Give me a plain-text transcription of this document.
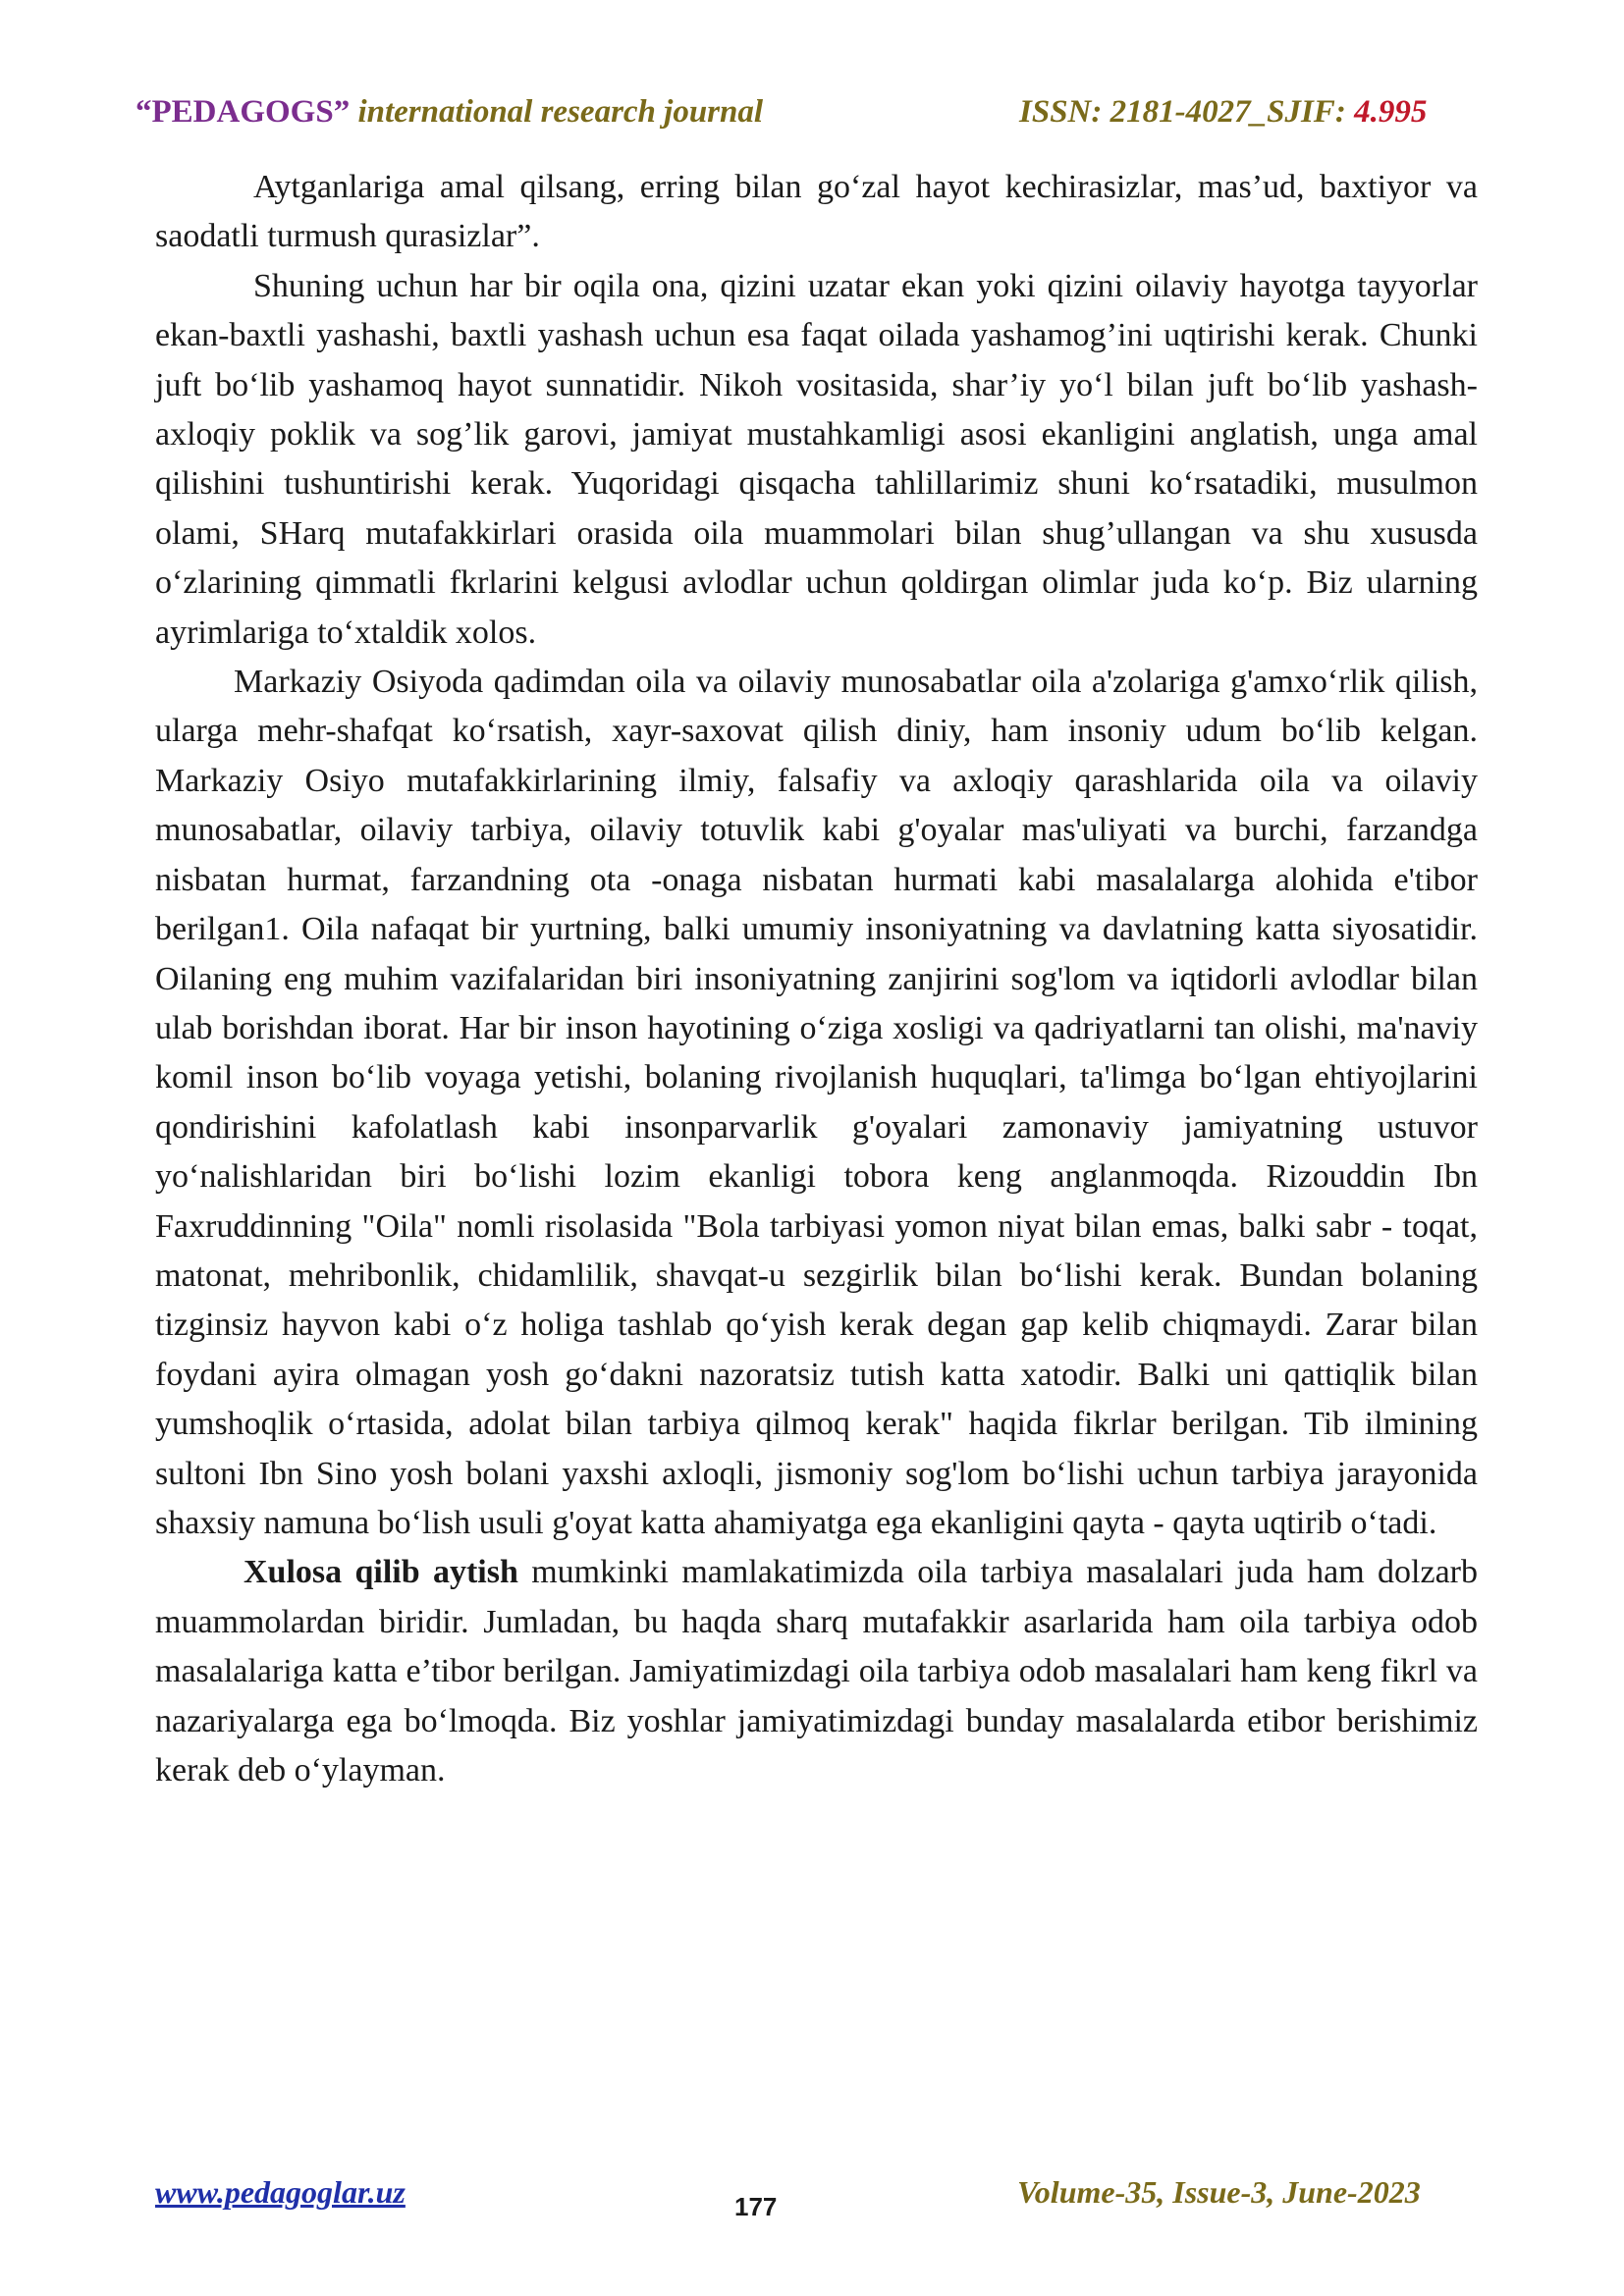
“PEDAGOGS” international research journal	ISSN: 2181-4027_SJIF: 4.995

Aytganlariga amal qilsang, erring bilan go‘zal hayot kechirasizlar, mas’ud, baxtiyor va saodatli turmush qurasizlar”.

Shuning uchun har bir oqila ona, qizini uzatar ekan yoki qizini oilaviy hayotga tayyorlar ekan-baxtli yashashi, baxtli yashash uchun esa faqat oilada yashamog’ini uqtirishi kerak. Chunki juft bo‘lib yashamoq hayot sunnatidir. Nikoh vositasida, shar’iy yo‘l bilan juft bo‘lib yashash- axloqiy poklik va sog’lik garovi, jamiyat mustahkamligi asosi ekanligini anglatish, unga amal qilishini tushuntirishi kerak. Yuqoridagi qisqacha tahlillarimiz shuni ko‘rsatadiki, musulmon olami, SHarq mutafakkirlari orasida oila muammolari bilan shug’ullangan va shu xususda o‘zlarining qimmatli fkrlarini kelgusi avlodlar uchun qoldirgan olimlar juda ko‘p. Biz ularning ayrimlariga to‘xtaldik xolos.

Markaziy Osiyoda qadimdan oila va oilaviy munosabatlar oila a'zolariga g'amxo‘rlik qilish, ularga mehr-shafqat ko‘rsatish, xayr-saxovat qilish diniy, ham insoniy udum bo‘lib kelgan. Markaziy Osiyo mutafakkirlarining ilmiy, falsafiy va axloqiy qarashlarida oila va oilaviy munosabatlar, oilaviy tarbiya, oilaviy totuvlik kabi g'oyalar mas'uliyati va burchi, farzandga nisbatan hurmat, farzandning ota -onaga nisbatan hurmati kabi masalalarga alohida e'tibor berilgan1. Oila nafaqat bir yurtning, balki umumiy insoniyatning va davlatning katta siyosatidir. Oilaning eng muhim vazifalaridan biri insoniyatning zanjirini sog'lom va iqtidorli avlodlar bilan ulab borishdan iborat. Har bir inson hayotining o‘ziga xosligi va qadriyatlarni tan olishi, ma'naviy komil inson bo‘lib voyaga yetishi, bolaning rivojlanish huquqlari, ta'limga bo‘lgan ehtiyojlarini qondirishini kafolatlash kabi insonparvarlik g'oyalari zamonaviy jamiyatning ustuvor yo‘nalishlaridan biri bo‘lishi lozim ekanligi tobora keng anglanmoqda. Rizouddin Ibn Faxruddinning "Oila" nomli risolasida "Bola tarbiyasi yomon niyat bilan emas, balki sabr - toqat, matonat, mehribonlik, chidamlilik, shavqat-u sezgirlik bilan bo‘lishi kerak. Bundan bolaning tizginsiz hayvon kabi o‘z holiga tashlab qo‘yish kerak degan gap kelib chiqmaydi. Zarar bilan foydani ayira olmagan yosh go‘dakni nazoratsiz tutish katta xatodir. Balki uni qattiqlik bilan yumshoqlik o‘rtasida, adolat bilan tarbiya qilmoq kerak" haqida fikrlar berilgan. Tib ilmining sultoni Ibn Sino yosh bolani yaxshi axloqli, jismoniy sog'lom bo‘lishi uchun tarbiya jarayonida shaxsiy namuna bo‘lish usuli g'oyat katta ahamiyatga ega ekanligini qayta - qayta uqtirib o‘tadi.

Xulosa qilib aytish mumkinki mamlakatimizda oila tarbiya masalalari juda ham dolzarb muammolardan biridir. Jumladan, bu haqda sharq mutafakkir asarlarida ham oila tarbiya odob masalalariga katta e’tibor berilgan. Jamiyatimizdagi oila tarbiya odob masalalari ham keng fikrl va nazariyalarga ega bo‘lmoqda. Biz yoshlar jamiyatimizdagi bunday masalalarda etibor berishimiz kerak deb o‘ylayman.

www.pedagoglar.uz	177	Volume-35, Issue-3, June-2023
